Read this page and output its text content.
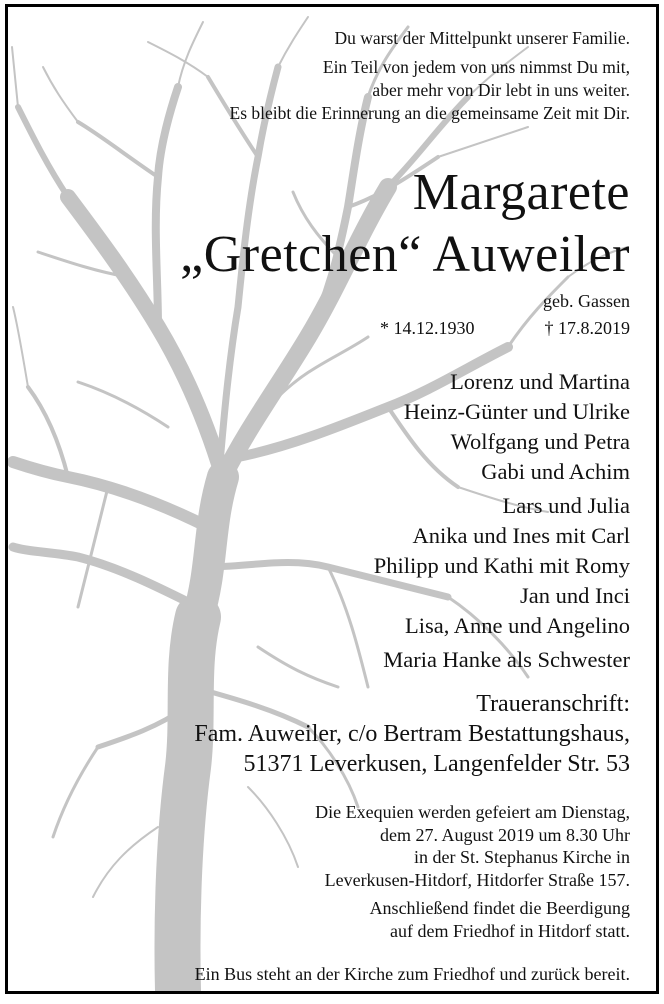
Du warst der Mittelpunkt unserer Familie.
Ein Teil von jedem von uns nimmst Du mit,
aber mehr von Dir lebt in uns weiter.
Es bleibt die Erinnerung an die gemeinsame Zeit mit Dir.
Margarete
„Gretchen“ Auweiler
geb. Gassen
* 14.12.1930	† 17.8.2019
Lorenz und Martina
Heinz-Günter und Ulrike
Wolfgang und Petra
Gabi und Achim
Lars und Julia
Anika und Ines mit Carl
Philipp und Kathi mit Romy
Jan und Inci
Lisa, Anne und Angelino
Maria Hanke als Schwester
Traueranschrift:
Fam. Auweiler, c/o Bertram Bestattungshaus,
51371 Leverkusen, Langenfelder Str. 53
Die Exequien werden gefeiert am Dienstag,
dem 27. August 2019 um 8.30 Uhr
in der St. Stephanus Kirche in
Leverkusen-Hitdorf, Hitdorfer Straße 157.
Anschließend findet die Beerdigung
auf dem Friedhof in Hitdorf statt.
Ein Bus steht an der Kirche zum Friedhof und zurück bereit.
